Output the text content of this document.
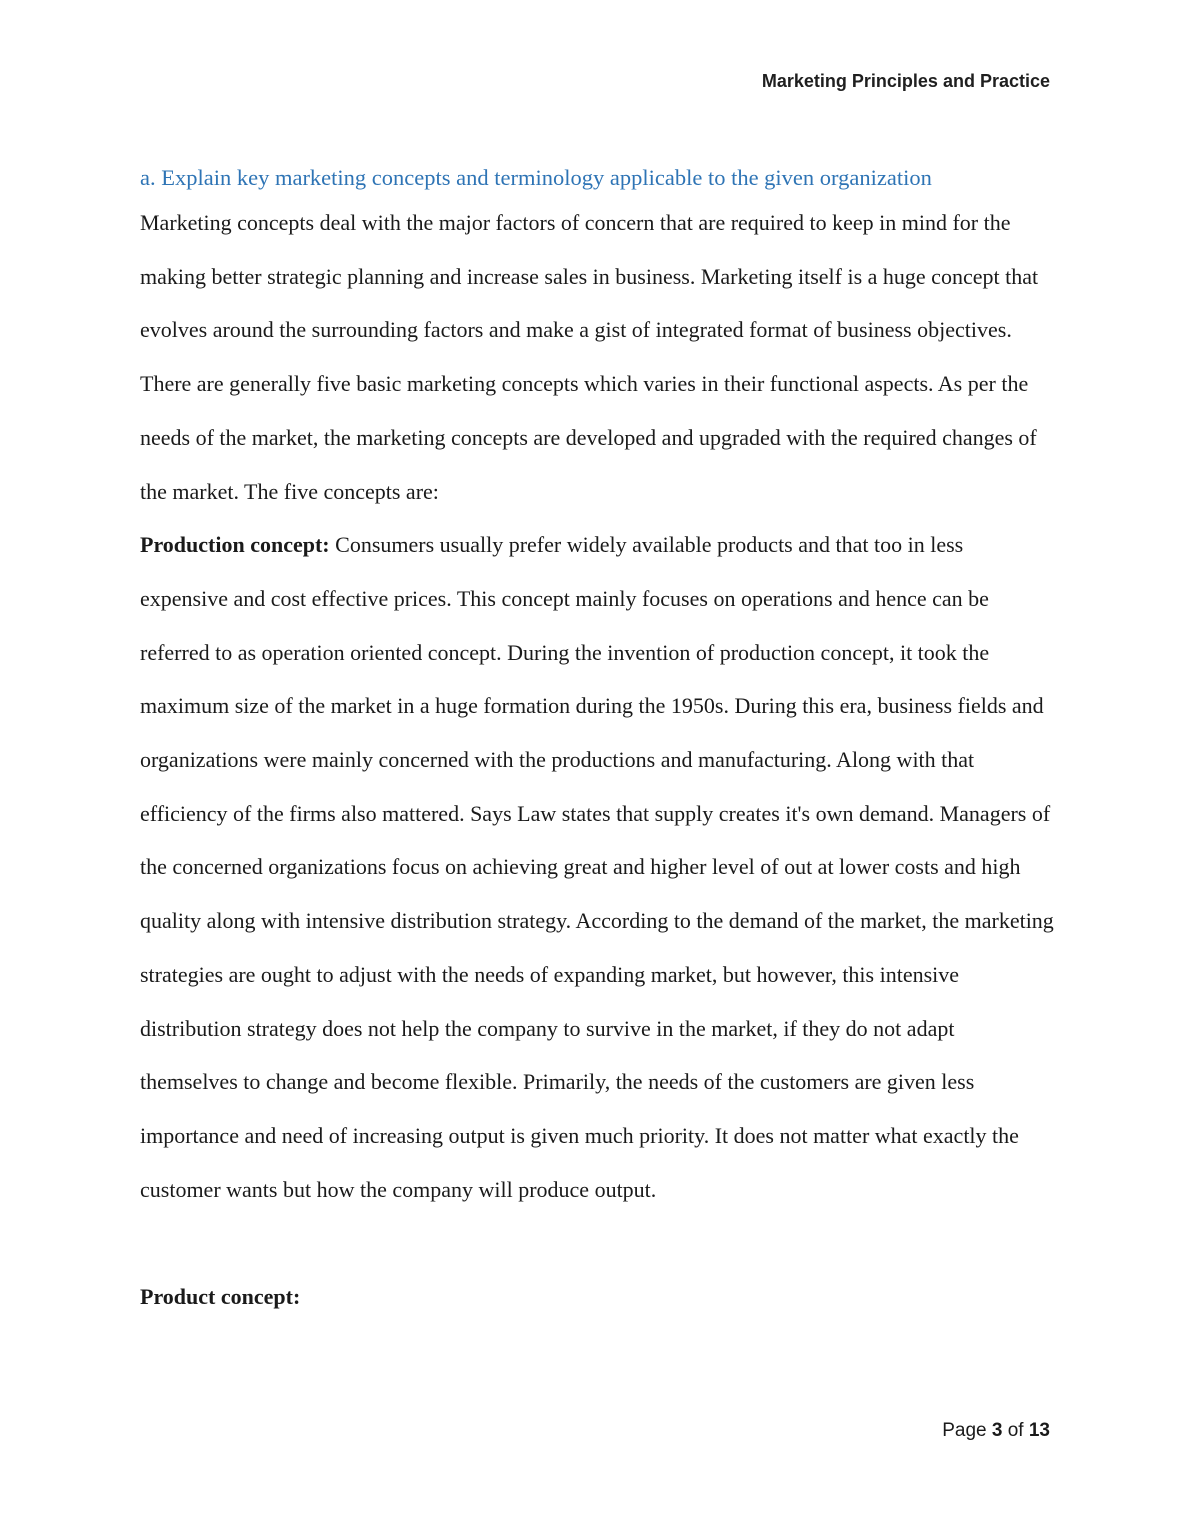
Marketing Principles and Practice
a. Explain key marketing concepts and terminology applicable to the given organization

Marketing concepts deal with the major factors of concern that are required to keep in mind for the making better strategic planning and increase sales in business. Marketing itself is a huge concept that evolves around the surrounding factors and make a gist of integrated format of business objectives. There are generally five basic marketing concepts which varies in their functional aspects. As per the needs of the market, the marketing concepts are developed and upgraded with the required changes of the market. The five concepts are:

Production concept: Consumers usually prefer widely available products and that too in less expensive and cost effective prices. This concept mainly focuses on operations and hence can be referred to as operation oriented concept. During the invention of production concept, it took the maximum size of the market in a huge formation during the 1950s. During this era, business fields and organizations were mainly concerned with the productions and manufacturing. Along with that efficiency of the firms also mattered. Says Law states that supply creates it's own demand. Managers of the concerned organizations focus on achieving great and higher level of out at lower costs and high quality along with intensive distribution strategy. According to the demand of the market, the marketing strategies are ought to adjust with the needs of expanding market, but however, this intensive distribution strategy does not help the company to survive in the market, if they do not adapt themselves to change and become flexible. Primarily, the needs of the customers are given less importance and need of increasing output is given much priority. It does not matter what exactly the customer wants but how the company will produce output.

Product concept:

Page 3 of 13
